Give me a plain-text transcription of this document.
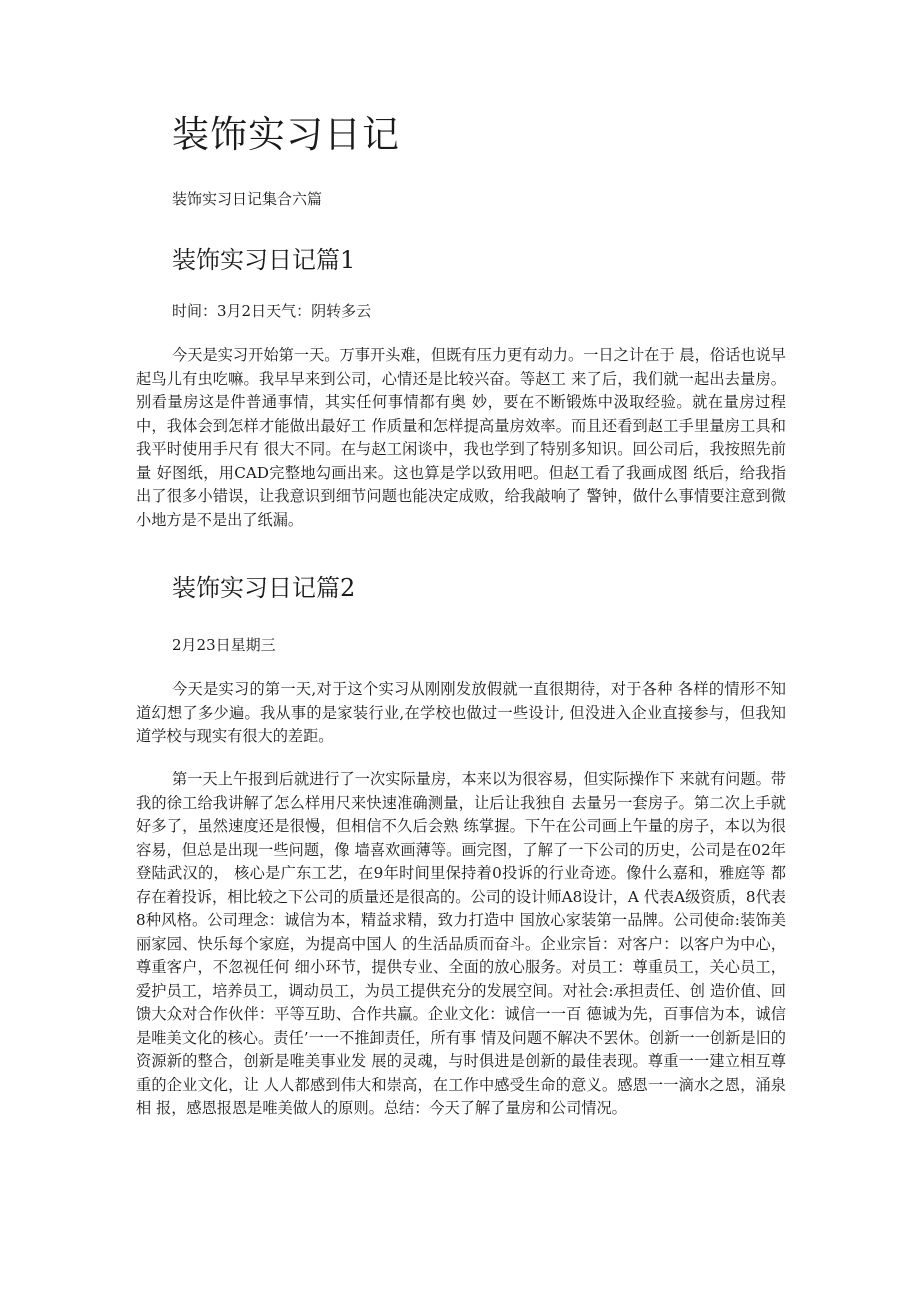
装饰实习日记

装饰实习日记集合六篇

装饰实习日记篇1

时间：3月2日天气：阴转多云

今天是实习开始第一天。万事开头难，但既有压力更有动力。一日之计在于 晨，俗话也说早起鸟儿有虫吃嘛。我早早来到公司，心情还是比较兴奋。等赵工 来了后，我们就一起出去量房。别看量房这是件普通事情，其实任何事情都有奥 妙，要在不断锻炼中汲取经验。就在量房过程中，我体会到怎样才能做出最好工 作质量和怎样提高量房效率。而且还看到赵工手里量房工具和我平时使用手尺有 很大不同。在与赵工闲谈中，我也学到了特别多知识。回公司后，我按照先前量 好图纸，用CAD完整地勾画出来。这也算是学以致用吧。但赵工看了我画成图 纸后，给我指出了很多小错误，让我意识到细节问题也能决定成败，给我敲响了 警钟，做什么事情要注意到微小地方是不是出了纸漏。

装饰实习日记篇2

2月23日星期三

今天是实习的第一天,对于这个实习从刚刚发放假就一直很期待，对于各种 各样的情形不知道幻想了多少遍。我从事的是家装行业,在学校也做过一些设计, 但没进入企业直接参与，但我知道学校与现实有很大的差距。

第一天上午报到后就进行了一次实际量房，本来以为很容易，但实际操作下 来就有问题。带我的徐工给我讲解了怎么样用尺来快速准确测量，让后让我独自 去量另一套房子。第二次上手就好多了，虽然速度还是很慢，但相信不久后会熟 练掌握。下午在公司画上午量的房子，本以为很容易，但总是出现一些问题，像 墙喜欢画薄等。画完图，了解了一下公司的历史，公司是在02年登陆武汉的， 核心是广东工艺，在9年时间里保持着0投诉的行业奇迹。像什么嘉和，雅庭等 都存在着投诉，相比较之下公司的质量还是很高的。公司的设计师A8设计，A 代表A级资质，8代表8种风格。公司理念：诚信为本，精益求精，致力打造中 国放心家装第一品牌。公司使命:装饰美丽家园、快乐每个家庭，为提高中国人 的生活品质而奋斗。企业宗旨：对客户：以客户为中心，尊重客户，不忽视任何 细小环节，提供专业、全面的放心服务。对员工：尊重员工，关心员工，爱护员工，培养员工，调动员工，为员工提供充分的发展空间。对社会:承担责任、创 造价值、回馈大众对合作伙伴：平等互助、合作共赢。企业文化：诚信一一百 德诚为先，百事信为本，诚信是唯美文化的核心。责任’一一不推卸责任，所有事 情及问题不解决不罢休。创新一一创新是旧的资源新的整合，创新是唯美事业发 展的灵魂，与时俱进是创新的最佳表现。尊重一一建立相互尊重的企业文化，让 人人都感到伟大和崇高，在工作中感受生命的意义。感恩一一滴水之恩，涌泉相 报，感恩报恩是唯美做人的原则。总结：今天了解了量房和公司情况。
